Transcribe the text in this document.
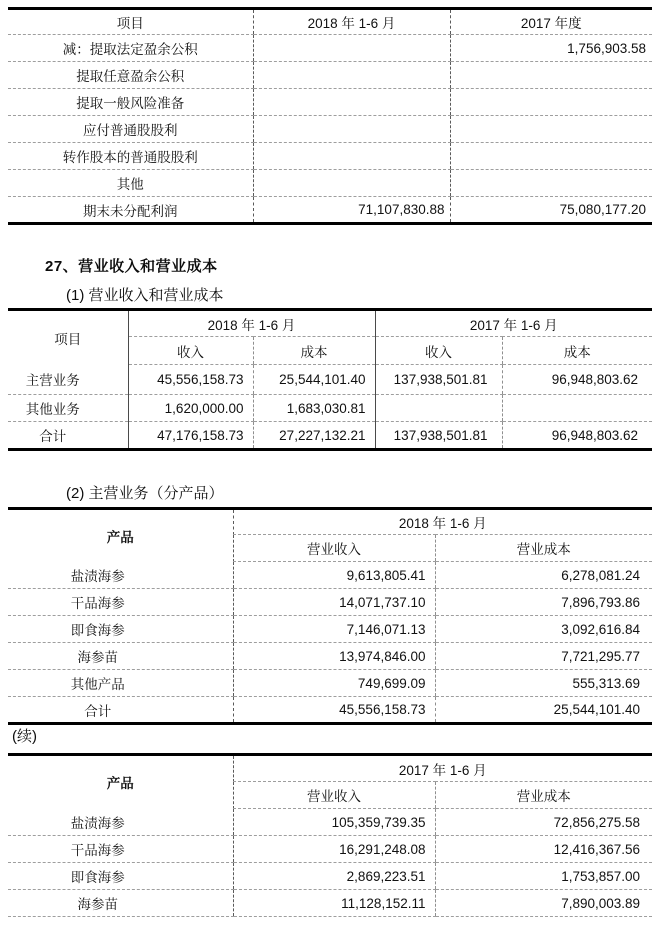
项目	2018 年 1-6 月	2017 年度
减：提取法定盈余公积		1,756,903.58
提取任意盈余公积		
提取一般风险准备		
应付普通股股利		
转作股本的普通股股利		
其他		
期末未分配利润	71,107,830.88	75,080,177.20
27、营业收入和营业成本
(1) 营业收入和营业成本
项目	2018 年 1-6 月		2017 年 1-6 月	
	收入	成本	收入	成本
主营业务	45,556,158.73	25,544,101.40	137,938,501.81	96,948,803.62
其他业务	1,620,000.00	1,683,030.81		
合计	47,176,158.73	27,227,132.21	137,938,501.81	96,948,803.62
(2) 主营业务（分产品）
产品	2018 年 1-6 月	
	营业收入	营业成本
盐渍海参	9,613,805.41	6,278,081.24
干品海参	14,071,737.10	7,896,793.86
即食海参	7,146,071.13	3,092,616.84
海参苗	13,974,846.00	7,721,295.77
其他产品	749,699.09	555,313.69
合计	45,556,158.73	25,544,101.40
(续)
产品	2017 年 1-6 月	
	营业收入	营业成本
盐渍海参	105,359,739.35	72,856,275.58
干品海参	16,291,248.08	12,416,367.56
即食海参	2,869,223.51	1,753,857.00
海参苗	11,128,152.11	7,890,003.89
